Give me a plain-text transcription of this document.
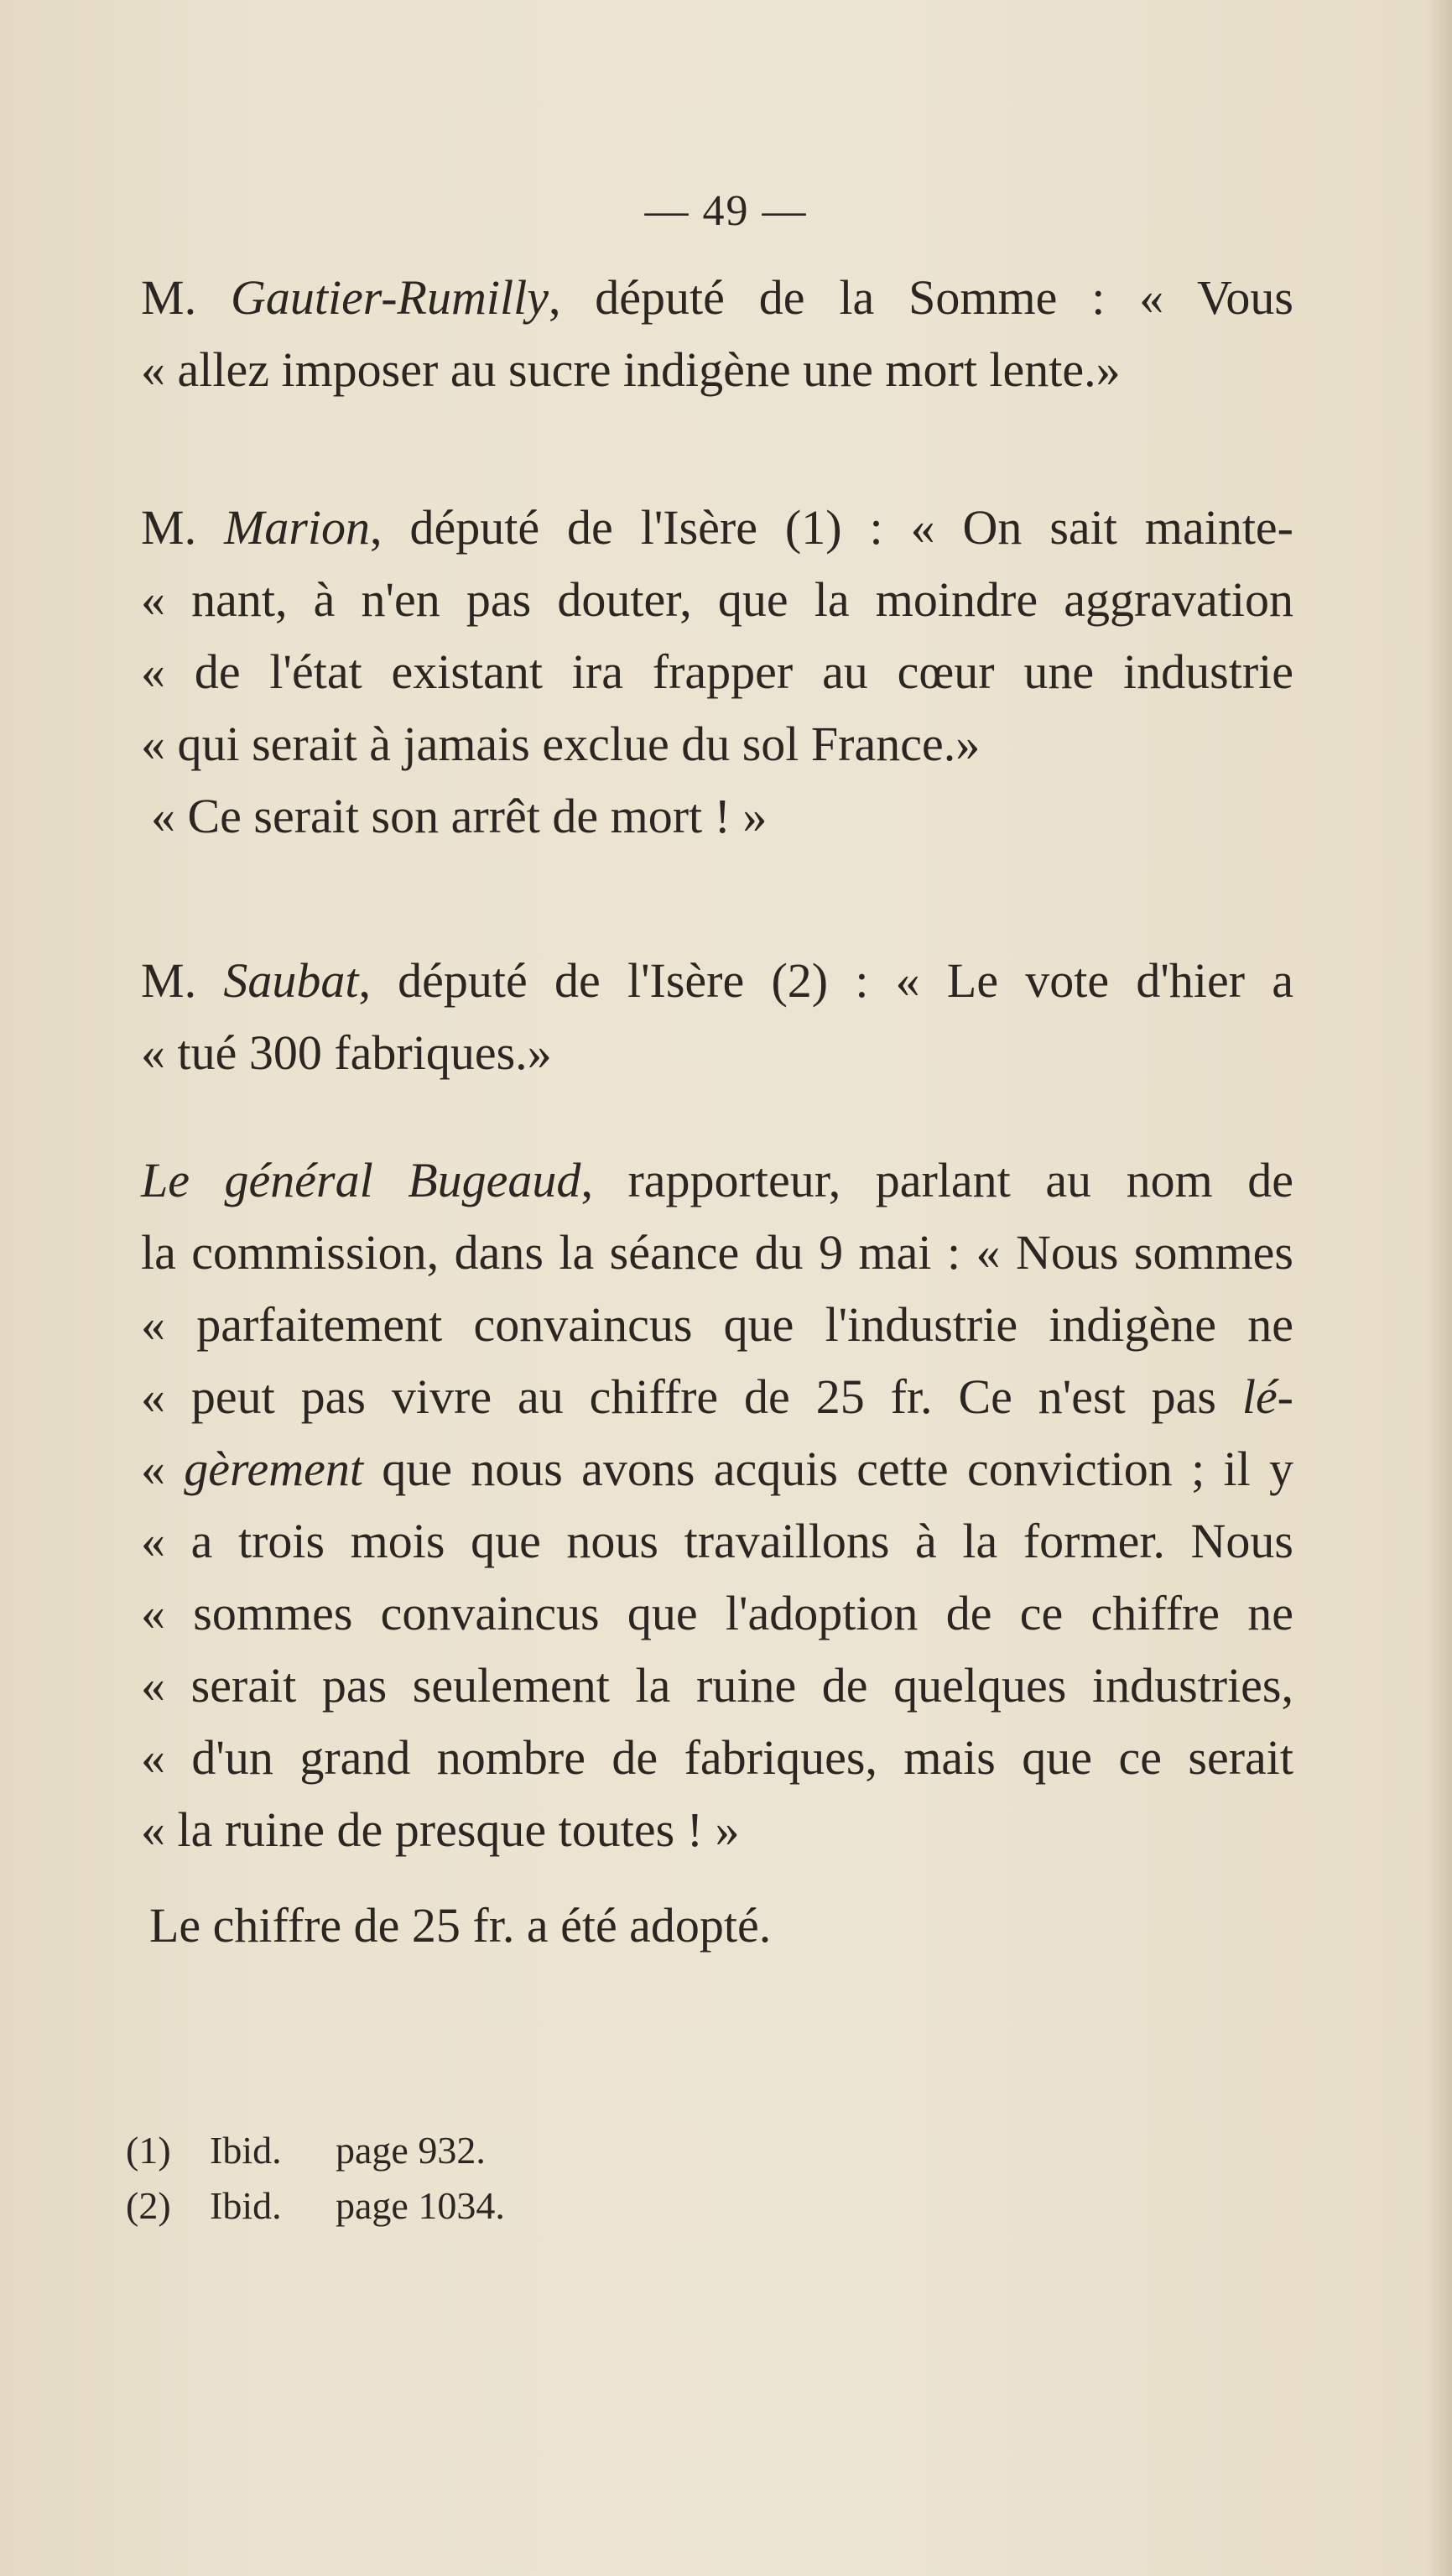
— 49 —
M. Gautier-Rumilly, député de la Somme : « Vous
« allez imposer au sucre indigène une mort lente.»
M. Marion, député de l'Isère (1) : « On sait mainte-
« nant, à n'en pas douter, que la moindre aggravation
« de l'état existant ira frapper au cœur une industrie
« qui serait à jamais exclue du sol France.»
« Ce serait son arrêt de mort ! »
M. Saubat, député de l'Isère (2) : « Le vote d'hier a
« tué 300 fabriques.»
Le général Bugeaud, rapporteur, parlant au nom de
la commission, dans la séance du 9 mai : « Nous sommes
« parfaitement convaincus que l'industrie indigène ne
« peut pas vivre au chiffre de 25 fr. Ce n'est pas lé-
« gèrement que nous avons acquis cette conviction ; il y
« a trois mois que nous travaillons à la former. Nous
« sommes convaincus que l'adoption de ce chiffre ne
« serait pas seulement la ruine de quelques industries,
« d'un grand nombre de fabriques, mais que ce serait
« la ruine de presque toutes ! »
Le chiffre de 25 fr. a été adopté.
(1) Ibid. page 932.
(2) Ibid. page 1034.
